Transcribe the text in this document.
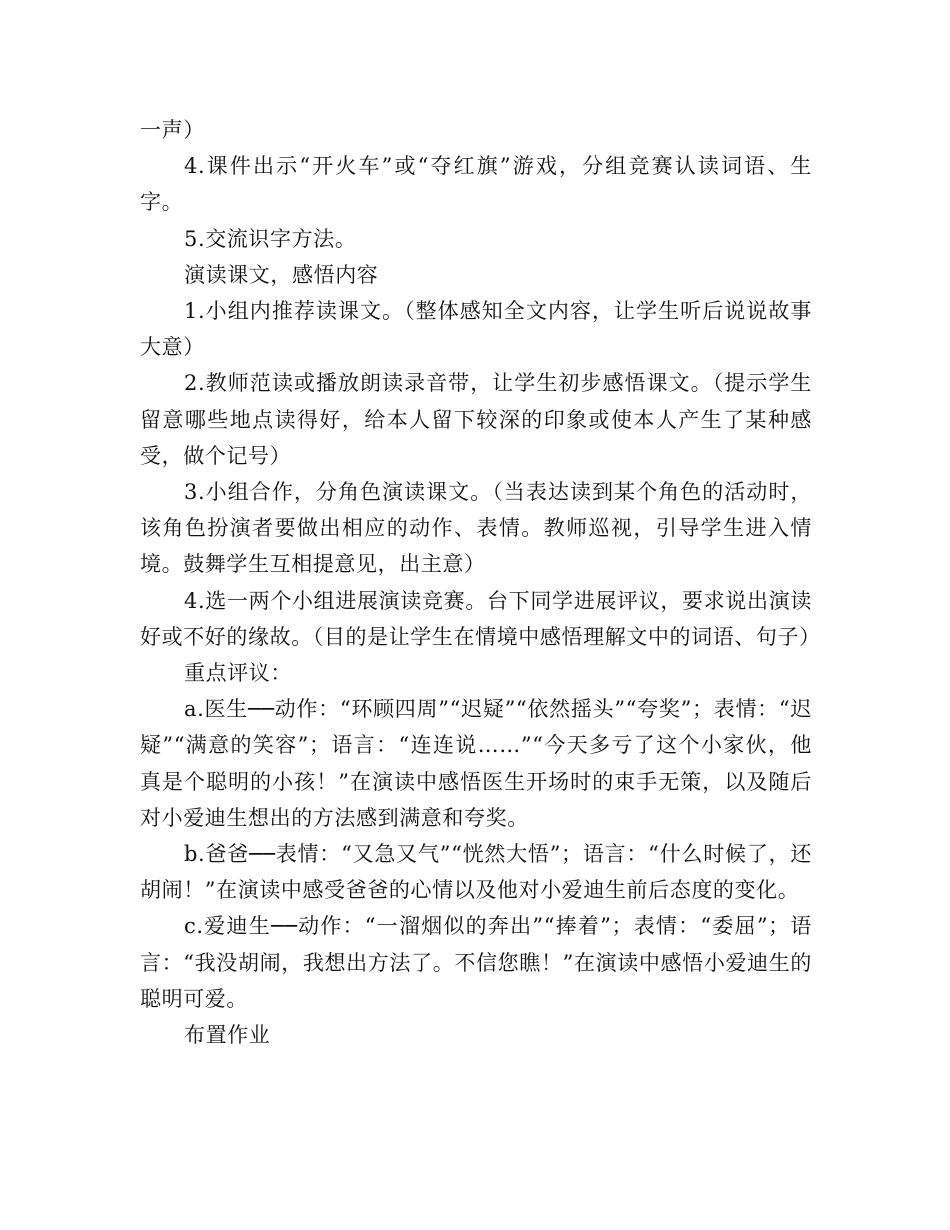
一声）

4.课件出示“开火车”或“夺红旗”游戏，分组竞赛认读词语、生字。

5.交流识字方法。

演读课文，感悟内容

1.小组内推荐读课文。（整体感知全文内容，让学生听后说说故事大意）

2.教师范读或播放朗读录音带，让学生初步感悟课文。（提示学生留意哪些地点读得好，给本人留下较深的印象或使本人产生了某种感受，做个记号）

3.小组合作，分角色演读课文。（当表达读到某个角色的活动时，该角色扮演者要做出相应的动作、表情。教师巡视，引导学生进入情境。鼓舞学生互相提意见，出主意）

4.选一两个小组进展演读竞赛。台下同学进展评议，要求说出演读好或不好的缘故。（目的是让学生在情境中感悟理解文中的词语、句子）

重点评议：

a.医生──动作：“环顾四周”“迟疑”“依然摇头”“夸奖”；表情：“迟疑”“满意的笑容”；语言：“连连说……”“今天多亏了这个小家伙，他真是个聪明的小孩！”在演读中感悟医生开场时的束手无策，以及随后对小爱迪生想出的方法感到满意和夸奖。

b.爸爸──表情：“又急又气”“恍然大悟”；语言：“什么时候了，还胡闹！”在演读中感受爸爸的心情以及他对小爱迪生前后态度的变化。

c.爱迪生──动作：“一溜烟似的奔出”“捧着”；表情：“委屈”；语言：“我没胡闹，我想出方法了。不信您瞧！”在演读中感悟小爱迪生的聪明可爱。

布置作业
